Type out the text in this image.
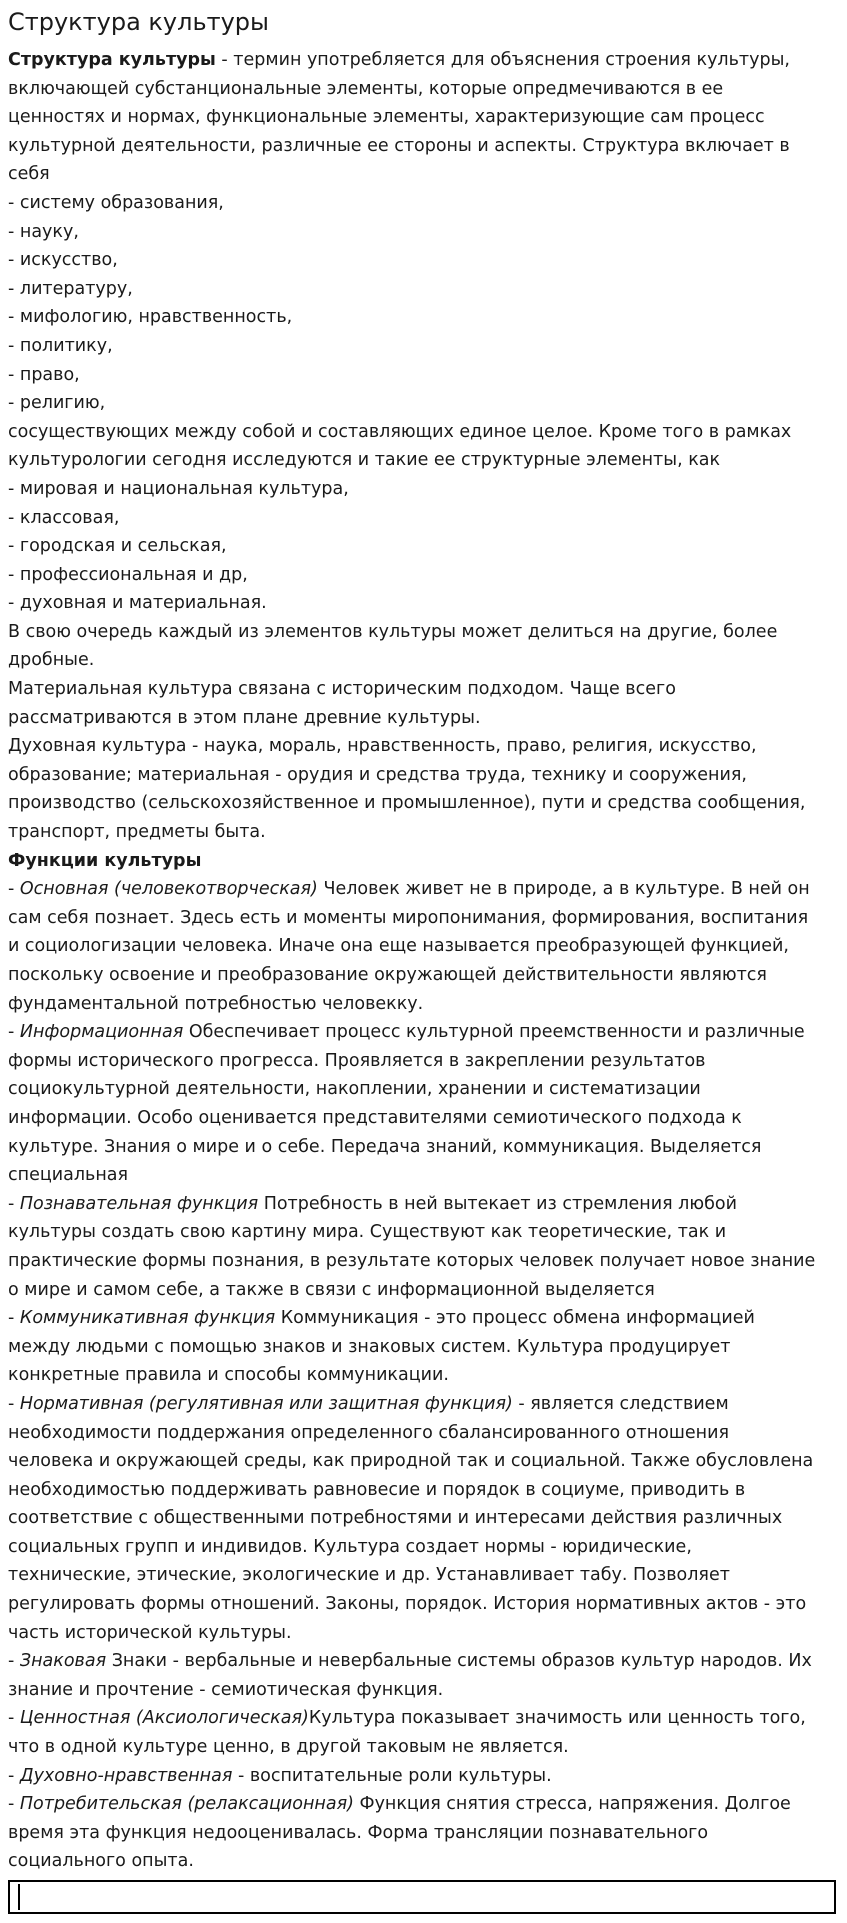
Структура культуры
Структура культуры - термин употребляется для объяснения строения культуры,
включающей субстанциональные элементы, которые опредмечиваются в ее
ценностях и нормах, функциональные элементы, характеризующие сам процесс
культурной деятельности, различные ее стороны и аспекты. Структура включает в
себя
- систему образования,
- науку,
- искусство,
- литературу,
- мифологию, нравственность,
- политику,
- право,
- религию,
сосуществующих между собой и составляющих единое целое. Кроме того в рамках
культурологии сегодня исследуются и такие ее структурные элементы, как
- мировая и национальная культура,
- классовая,
- городская и сельская,
- профессиональная и др,
- духовная и материальная.
В свою очередь каждый из элементов культуры может делиться на другие, более
дробные.
Материальная культура связана с историческим подходом. Чаще всего
рассматриваются в этом плане древние культуры.
Духовная культура - наука, мораль, нравственность, право, религия, искусство,
образование; материальная - орудия и средства труда, технику и сооружения,
производство (сельскохозяйственное и промышленное), пути и средства сообщения,
транспорт, предметы быта.
Функции культуры
- Основная (человекотворческая) Человек живет не в природе, а в культуре. В ней он
сам себя познает. Здесь есть и моменты миропонимания, формирования, воспитания
и социологизации человека. Иначе она еще называется преобразующей функцией,
поскольку освоение и преобразование окружающей действительности являются
фундаментальной потребностью человекку.
- Информационная Обеспечивает процесс культурной преемственности и различные
формы исторического прогресса. Проявляется в закреплении результатов
социокультурной деятельности, накоплении, хранении и систематизации
информации. Особо оценивается представителями семиотического подхода к
культуре. Знания о мире и о себе. Передача знаний, коммуникация. Выделяется
специальная
- Познавательная функция Потребность в ней вытекает из стремления любой
культуры создать свою картину мира. Существуют как теоретические, так и
практические формы познания, в результате которых человек получает новое знание
о мире и самом себе, а также в связи с информационной выделяется
- Коммуникативная функция Коммуникация - это процесс обмена информацией
между людьми с помощью знаков и знаковых систем. Культура продуцирует
конкретные правила и способы коммуникации.
- Нормативная (регулятивная или защитная функция) - является следствием
необходимости поддержания определенного сбалансированного отношения
человека и окружающей среды, как природной так и социальной. Также обусловлена
необходимостью поддерживать равновесие и порядок в социуме, приводить в
соответствие с общественными потребностями и интересами действия различных
социальных групп и индивидов. Культура создает нормы - юридические,
технические, этические, экологические и др. Устанавливает табу. Позволяет
регулировать формы отношений. Законы, порядок. История нормативных актов - это
часть исторической культуры.
- Знаковая Знаки - вербальные и невербальные системы образов культур народов. Их
знание и прочтение - семиотическая функция.
- Ценностная (Аксиологическая)Культура показывает значимость или ценность того,
что в одной культуре ценно, в другой таковым не является.
- Духовно-нравственная - воспитательные роли культуры.
- Потребительская (релаксационная) Функция снятия стресса, напряжения. Долгое
время эта функция недооценивалась. Форма трансляции познавательного
социального опыта.
